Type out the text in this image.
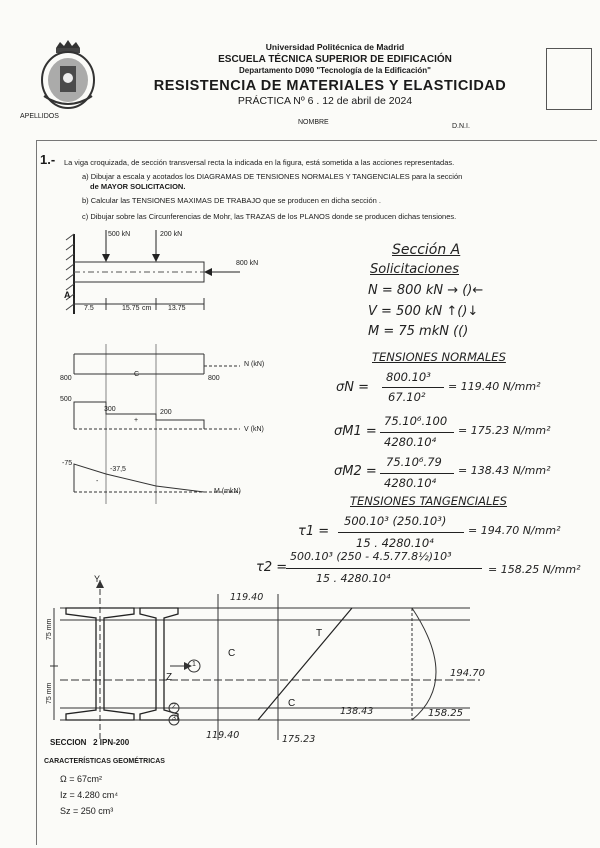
Universidad Politécnica de Madrid
ESCUELA TÉCNICA SUPERIOR DE EDIFICACIÓN
Departamento D090 "Tecnología de la Edificación"
RESISTENCIA DE MATERIALES Y ELASTICIDAD
PRÁCTICA Nº 6 . 12 de abril de 2024
APELLIDOS
NOMBRE
D.N.I.
1.- La viga croquizada, de sección transversal recta la indicada en la figura, está sometida a las acciones representadas.
a) Dibujar a escala y acotados los DIAGRAMAS DE TENSIONES NORMALES Y TANGENCIALES para la sección
de MAYOR SOLICITACION.
b) Calcular las TENSIONES MAXIMAS DE TRABAJO que se producen en dicha sección .
c) Dibujar sobre las Circunferencias de Mohr, las TRAZAS de los PLANOS donde se producen dichas tensiones.
500 kN	200 kN
800 kN
A
7.5	15.75 cm 13.75
N (kN)
800	800
C
V (kN)
500
300	200
+
M (mkN)
-75
-37,5
-
Sección A
Solicitaciones
N = 800 kN → ()←
V = 500 kN ↑()↓
M = 75 mkN (()
TENSIONES NORMALES
σN =
800.10³
67.10²
= 119.40 N/mm²
σM1 =
75.10⁶.100
4280.10⁴
= 175.23 N/mm²
σM2 =
75.10⁶.79
4280.10⁴
= 138.43 N/mm²
TENSIONES TANGENCIALES
τ1 =
500.10³ (250.10³)
15 . 4280.10⁴
= 194.70 N/mm²
τ2 =
500.10³ (250 - 4.5.77.8½)10³
15 . 4280.10⁴
= 158.25 N/mm²
Y
Z
75 mm
75 mm
1
2
3
C
T
C
119.40
119.40	175.23
138.43
194.70
158.25
SECCION   2 IPN-200
CARACTERÍSTICAS GEOMÉTRICAS
Ω = 67cm²
Iz = 4.280 cm⁴
Sz = 250 cm³
